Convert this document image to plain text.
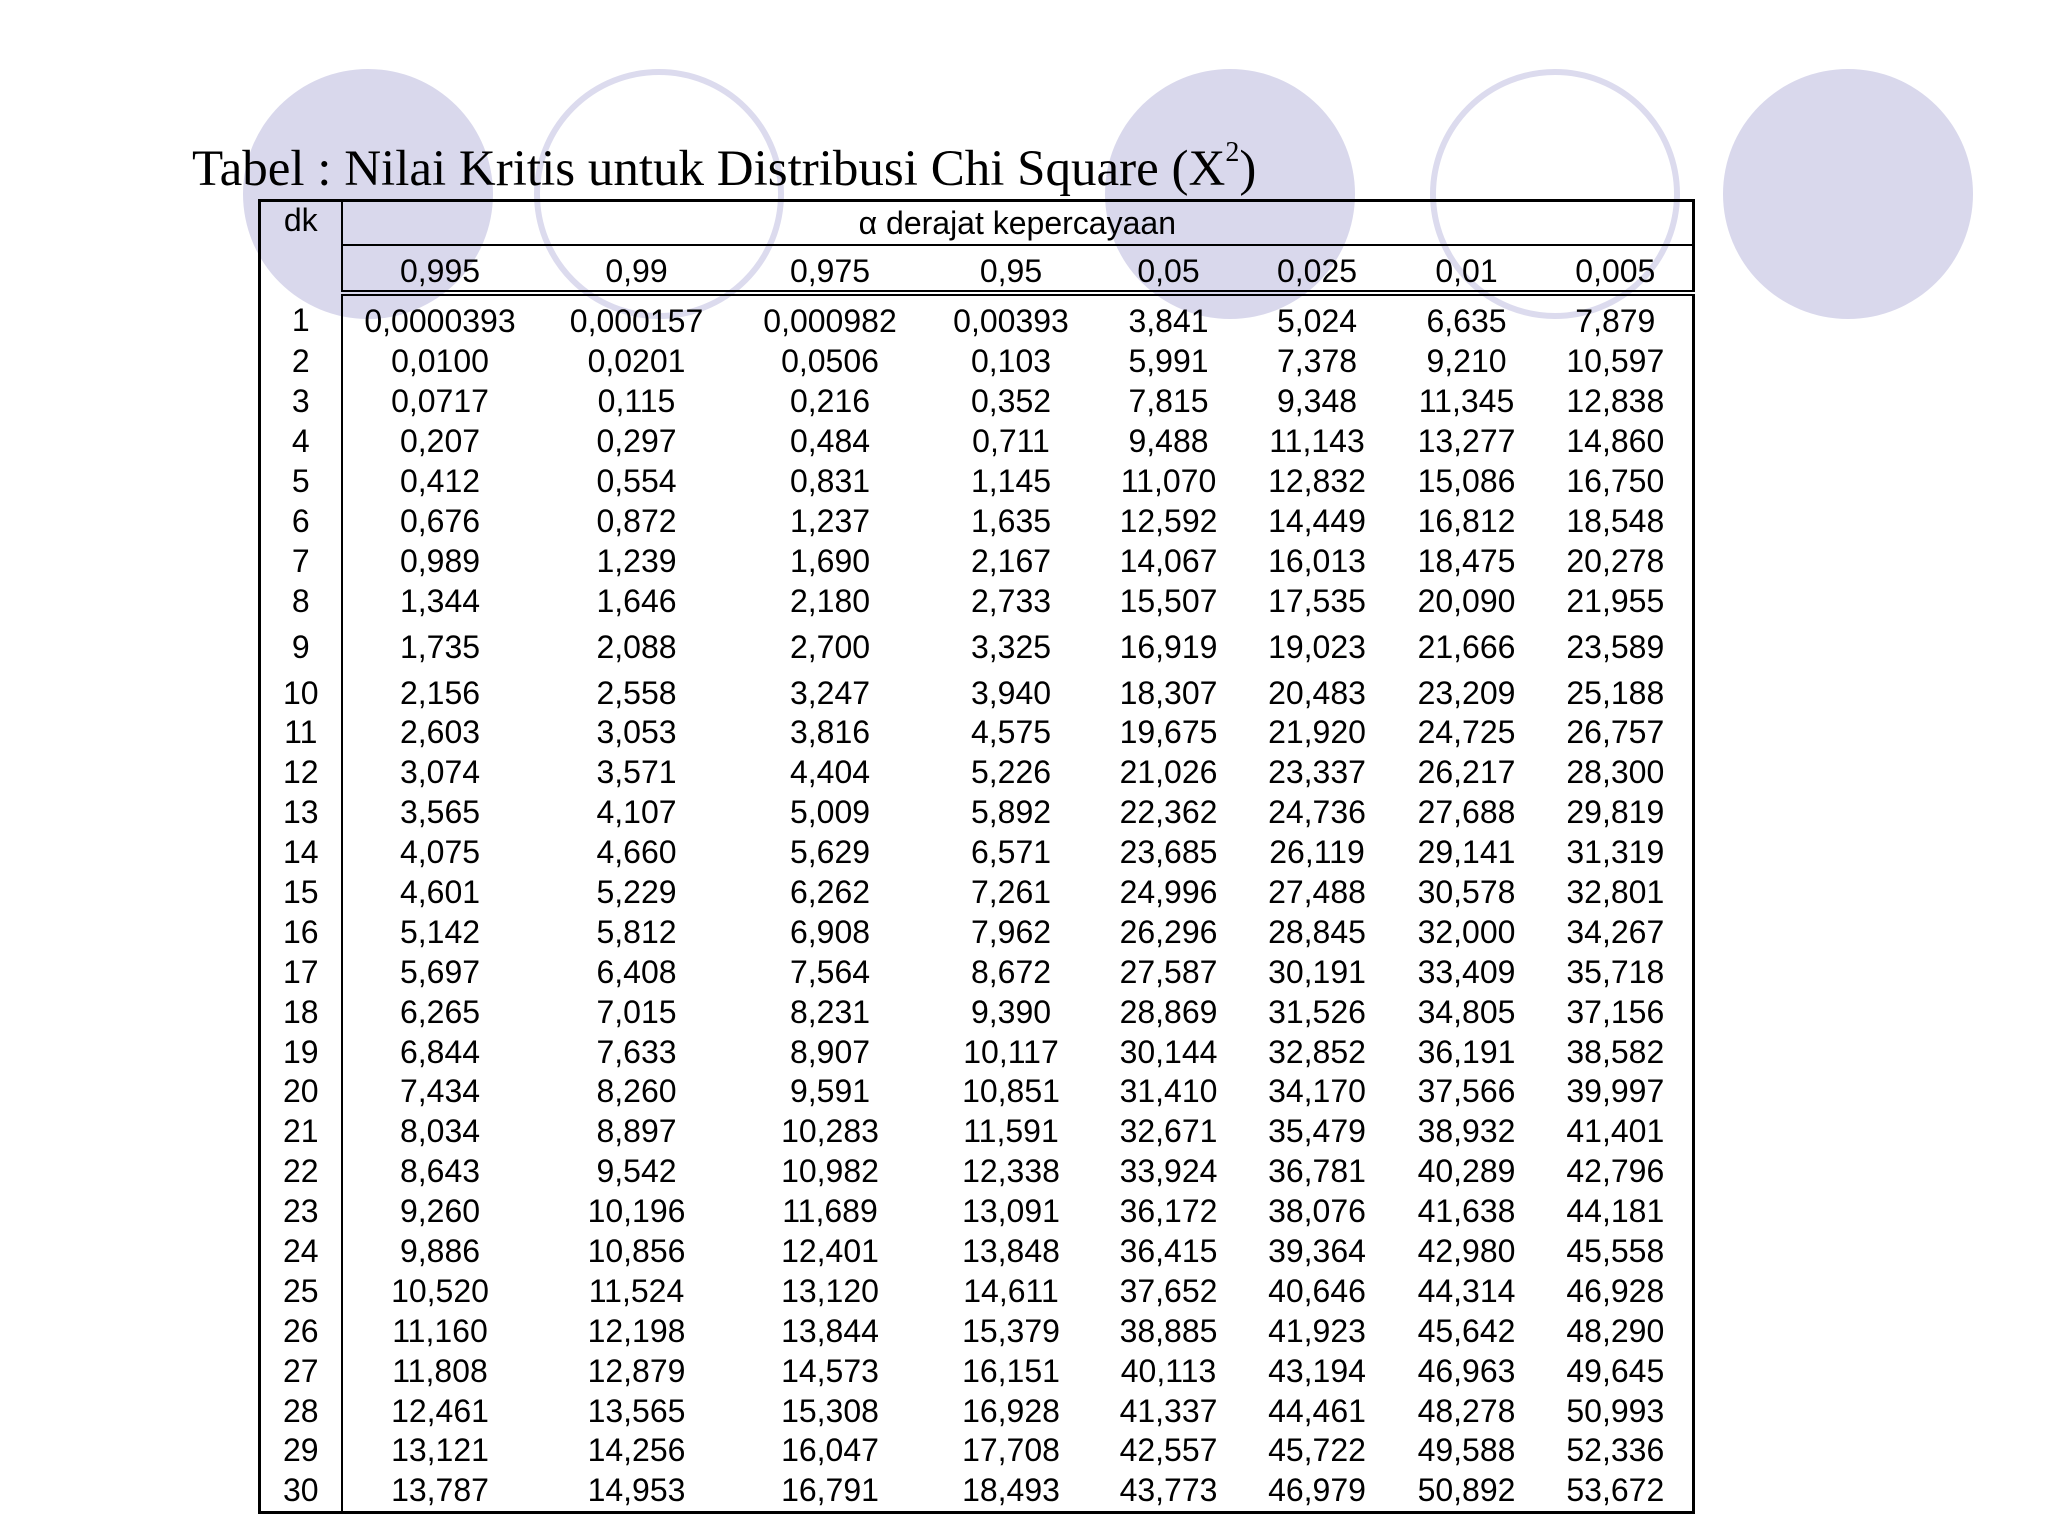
Tabel : Nilai Kritis untuk Distribusi Chi Square $(X^2)$
dk	α derajat kepercayaan							
	0,995	0,99	0,975	0,95	0,05	0,025	0,01	0,005
1	0,0000393	0,000157	0,000982	0,00393	3,841	5,024	6,635	7,879
2	0,0100	0,0201	0,0506	0,103	5,991	7,378	9,210	10,597
3	0,0717	0,115	0,216	0,352	7,815	9,348	11,345	12,838
4	0,207	0,297	0,484	0,711	9,488	11,143	13,277	14,860
5	0,412	0,554	0,831	1,145	11,070	12,832	15,086	16,750
6	0,676	0,872	1,237	1,635	12,592	14,449	16,812	18,548
7	0,989	1,239	1,690	2,167	14,067	16,013	18,475	20,278
8	1,344	1,646	2,180	2,733	15,507	17,535	20,090	21,955
9	1,735	2,088	2,700	3,325	16,919	19,023	21,666	23,589
10	2,156	2,558	3,247	3,940	18,307	20,483	23,209	25,188
11	2,603	3,053	3,816	4,575	19,675	21,920	24,725	26,757
12	3,074	3,571	4,404	5,226	21,026	23,337	26,217	28,300
13	3,565	4,107	5,009	5,892	22,362	24,736	27,688	29,819
14	4,075	4,660	5,629	6,571	23,685	26,119	29,141	31,319
15	4,601	5,229	6,262	7,261	24,996	27,488	30,578	32,801
16	5,142	5,812	6,908	7,962	26,296	28,845	32,000	34,267
17	5,697	6,408	7,564	8,672	27,587	30,191	33,409	35,718
18	6,265	7,015	8,231	9,390	28,869	31,526	34,805	37,156
19	6,844	7,633	8,907	10,117	30,144	32,852	36,191	38,582
20	7,434	8,260	9,591	10,851	31,410	34,170	37,566	39,997
21	8,034	8,897	10,283	11,591	32,671	35,479	38,932	41,401
22	8,643	9,542	10,982	12,338	33,924	36,781	40,289	42,796
23	9,260	10,196	11,689	13,091	36,172	38,076	41,638	44,181
24	9,886	10,856	12,401	13,848	36,415	39,364	42,980	45,558
25	10,520	11,524	13,120	14,611	37,652	40,646	44,314	46,928
26	11,160	12,198	13,844	15,379	38,885	41,923	45,642	48,290
27	11,808	12,879	14,573	16,151	40,113	43,194	46,963	49,645
28	12,461	13,565	15,308	16,928	41,337	44,461	48,278	50,993
29	13,121	14,256	16,047	17,708	42,557	45,722	49,588	52,336
30	13,787	14,953	16,791	18,493	43,773	46,979	50,892	53,672
